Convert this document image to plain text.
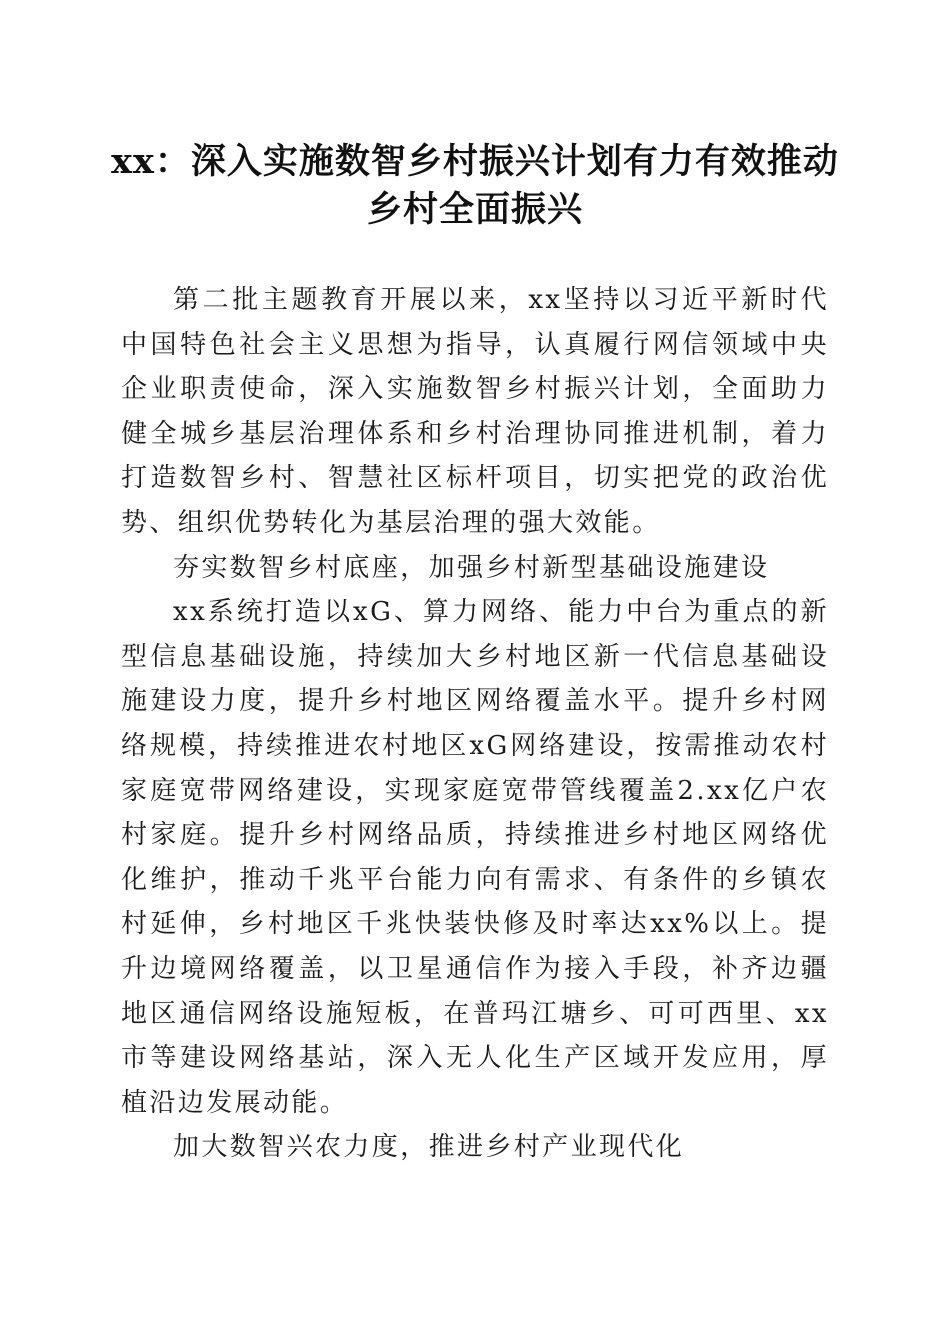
xx：深入实施数智乡村振兴计划有力有效推动
乡村全面振兴

第二批主题教育开展以来，xx坚持以习近平新时代中国特色社会主义思想为指导，认真履行网信领域中央企业职责使命，深入实施数智乡村振兴计划，全面助力健全城乡基层治理体系和乡村治理协同推进机制，着力打造数智乡村、智慧社区标杆项目，切实把党的政治优势、组织优势转化为基层治理的强大效能。

夯实数智乡村底座，加强乡村新型基础设施建设

xx系统打造以xG、算力网络、能力中台为重点的新型信息基础设施，持续加大乡村地区新一代信息基础设施建设力度，提升乡村地区网络覆盖水平。提升乡村网络规模，持续推进农村地区xG网络建设，按需推动农村家庭宽带网络建设，实现家庭宽带管线覆盖2.xx亿户农村家庭。提升乡村网络品质，持续推进乡村地区网络优化维护，推动千兆平台能力向有需求、有条件的乡镇农村延伸，乡村地区千兆快装快修及时率达xx%以上。提升边境网络覆盖，以卫星通信作为接入手段，补齐边疆地区通信网络设施短板，在普玛江塘乡、可可西里、xx市等建设网络基站，深入无人化生产区域开发应用，厚植沿边发展动能。

加大数智兴农力度，推进乡村产业现代化
